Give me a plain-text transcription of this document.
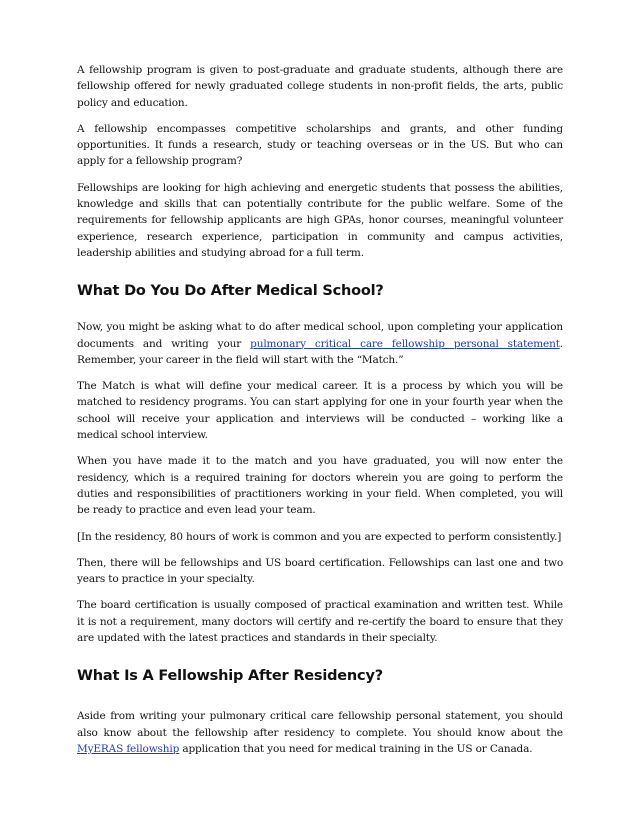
A fellowship program is given to post-graduate and graduate students, although there are fellowship offered for newly graduated college students in non-profit fields, the arts, public policy and education.

A fellowship encompasses competitive scholarships and grants, and other funding opportunities. It funds a research, study or teaching overseas or in the US. But who can apply for a fellowship program?

Fellowships are looking for high achieving and energetic students that possess the abilities, knowledge and skills that can potentially contribute for the public welfare. Some of the requirements for fellowship applicants are high GPAs, honor courses, meaningful volunteer experience, research experience, participation in community and campus activities, leadership abilities and studying abroad for a full term.

What Do You Do After Medical School?

Now, you might be asking what to do after medical school, upon completing your application documents and writing your pulmonary critical care fellowship personal statement. Remember, your career in the field will start with the “Match.”

The Match is what will define your medical career. It is a process by which you will be matched to residency programs. You can start applying for one in your fourth year when the school will receive your application and interviews will be conducted – working like a medical school interview.

When you have made it to the match and you have graduated, you will now enter the residency, which is a required training for doctors wherein you are going to perform the duties and responsibilities of practitioners working in your field. When completed, you will be ready to practice and even lead your team.

[In the residency, 80 hours of work is common and you are expected to perform consistently.]

Then, there will be fellowships and US board certification. Fellowships can last one and two years to practice in your specialty.

The board certification is usually composed of practical examination and written test. While it is not a requirement, many doctors will certify and re-certify the board to ensure that they are updated with the latest practices and standards in their specialty.

What Is A Fellowship After Residency?

Aside from writing your pulmonary critical care fellowship personal statement, you should also know about the fellowship after residency to complete. You should know about the MyERAS fellowship application that you need for medical training in the US or Canada.
